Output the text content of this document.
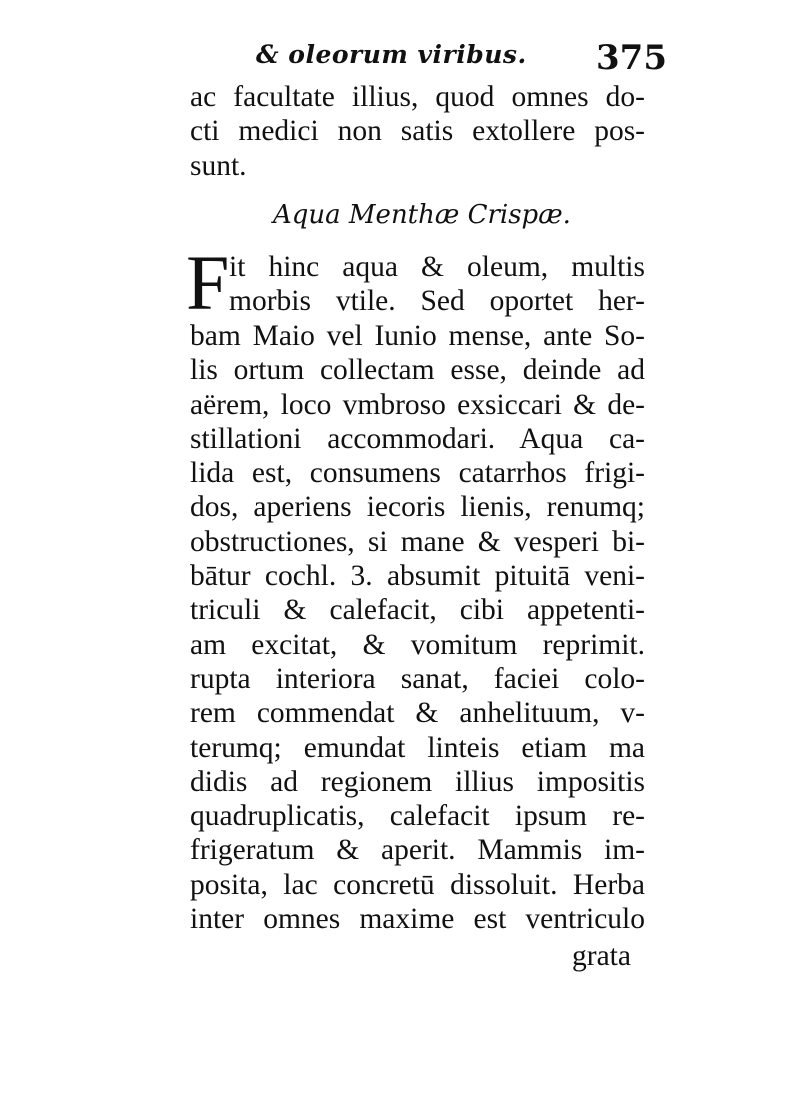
& oleorum viribus. 375
ac facultate illius, quod omnes do-
cti medici non satis extollere pos-
sunt.
Aqua Menthæ Crispæ.
F it hinc aqua & oleum, multis
morbis vtile. Sed oportet her-
bam Maio vel Iunio mense, ante So-
lis ortum collectam esse, deinde ad
aërem, loco vmbroso exsiccari & de-
stillationi accommodari. Aqua ca-
lida est, consumens catarrhos frigi-
dos, aperiens iecoris lienis, renumq;
obstructiones, si mane & vesperi bi-
bātur cochl. 3. absumit pituitā veni-
triculi & calefacit, cibi appetenti-
am excitat, & vomitum reprimit.
rupta interiora sanat, faciei colo-
rem commendat & anhelituum, v-
terumq; emundat linteis etiam ma
didis ad regionem illius impositis
quadruplicatis, calefacit ipsum re-
frigeratum & aperit. Mammis im-
posita, lac concretū dissoluit. Herba
inter omnes maxime est ventriculo
grata
